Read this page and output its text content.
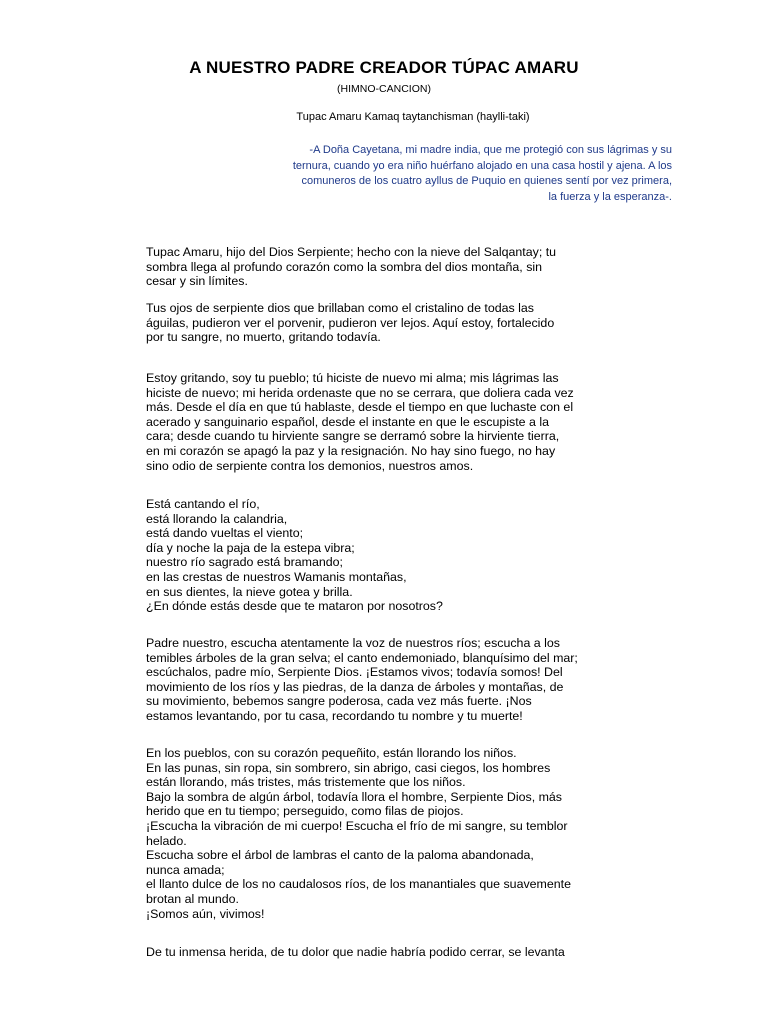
A NUESTRO PADRE CREADOR TÚPAC AMARU
(HIMNO-CANCION)
Tupac Amaru Kamaq taytanchisman (haylli-taki)
-A Doña Cayetana, mi madre india, que me protegió con sus lágrimas y su
ternura, cuando yo era niño huérfano alojado en una casa hostil y ajena. A los
comuneros de los cuatro ayllus de Puquio en quienes sentí por vez primera,
la fuerza y la esperanza-.
Tupac Amaru, hijo del Dios Serpiente; hecho con la nieve del Salqantay; tu
sombra llega al profundo corazón como la sombra del dios montaña, sin
cesar y sin límites.
Tus ojos de serpiente dios que brillaban como el cristalino de todas las
águilas, pudieron ver el porvenir, pudieron ver lejos. Aquí estoy, fortalecido
por tu sangre, no muerto, gritando todavía.
Estoy gritando, soy tu pueblo; tú hiciste de nuevo mi alma; mis lágrimas las
hiciste de nuevo; mi herida ordenaste que no se cerrara, que doliera cada vez
más. Desde el día en que tú hablaste, desde el tiempo en que luchaste con el
acerado y sanguinario español, desde el instante en que le escupiste a la
cara; desde cuando tu hirviente sangre se derramó sobre la hirviente tierra,
en mi corazón se apagó la paz y la resignación. No hay sino fuego, no hay
sino odio de serpiente contra los demonios, nuestros amos.
Está cantando el río,
está llorando la calandria,
está dando vueltas el viento;
día y noche la paja de la estepa vibra;
nuestro río sagrado está bramando;
en las crestas de nuestros Wamanis montañas,
en sus dientes, la nieve gotea y brilla.
¿En dónde estás desde que te mataron por nosotros?
Padre nuestro, escucha atentamente la voz de nuestros ríos; escucha a los
temibles árboles de la gran selva; el canto endemoniado, blanquísimo del mar;
escúchalos, padre mío, Serpiente Dios. ¡Estamos vivos; todavía somos! Del
movimiento de los ríos y las piedras, de la danza de árboles y montañas, de
su movimiento, bebemos sangre poderosa, cada vez más fuerte. ¡Nos
estamos levantando, por tu casa, recordando tu nombre y tu muerte!
En los pueblos, con su corazón pequeñito, están llorando los niños.
En las punas, sin ropa, sin sombrero, sin abrigo, casi ciegos, los hombres
están llorando, más tristes, más tristemente que los niños.
Bajo la sombra de algún árbol, todavía llora el hombre, Serpiente Dios, más
herido que en tu tiempo; perseguido, como filas de piojos.
¡Escucha la vibración de mi cuerpo! Escucha el frío de mi sangre, su temblor
helado.
Escucha sobre el árbol de lambras el canto de la paloma abandonada,
nunca amada;
el llanto dulce de los no caudalosos ríos, de los manantiales que suavemente
brotan al mundo.
¡Somos aún, vivimos!
De tu inmensa herida, de tu dolor que nadie habría podido cerrar, se levanta
